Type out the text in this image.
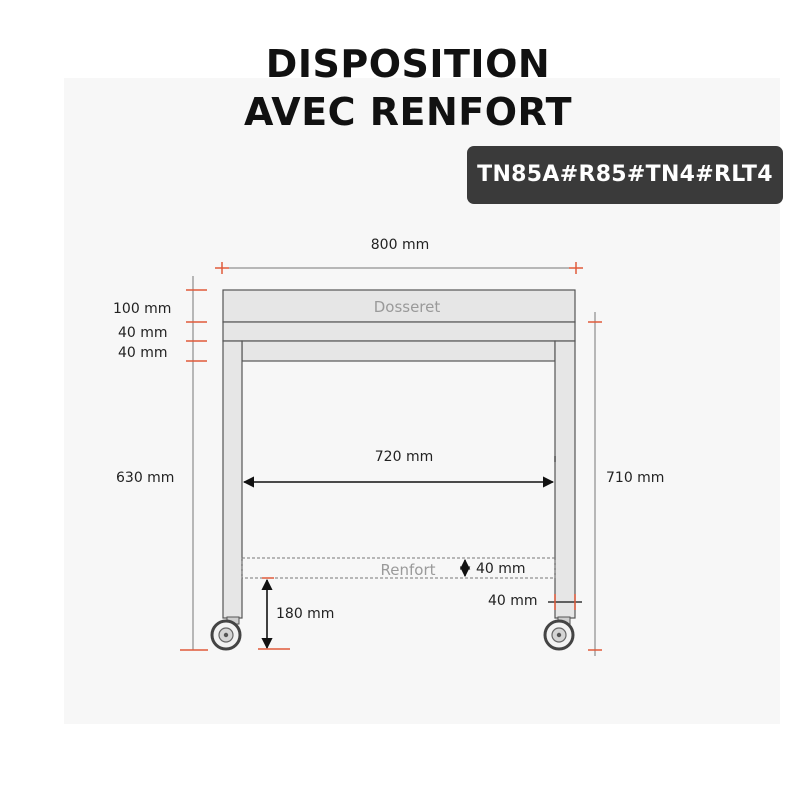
DISPOSITION
AVEC RENFORT
TN85A#R85#TN4#RLT4
Dosseret
Renfort
800 mm
100 mm
40 mm
40 mm
630 mm	710 mm
720 mm
40 mm
180 mm
40 mm
